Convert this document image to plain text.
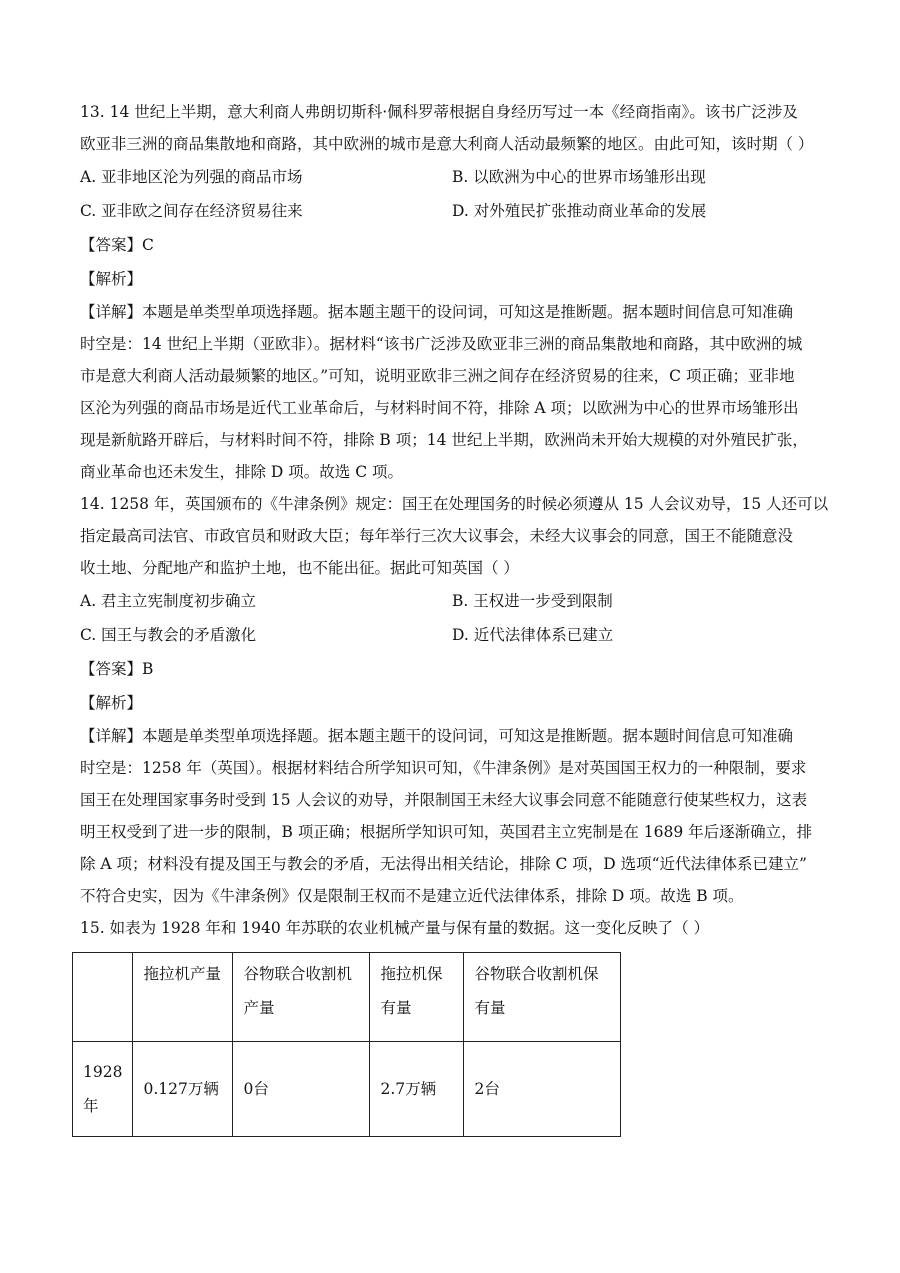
13. 14 世纪上半期，意大利商人弗朗切斯科·佩科罗蒂根据自身经历写过一本《经商指南》。该书广泛涉及
欧亚非三洲的商品集散地和商路，其中欧洲的城市是意大利商人活动最频繁的地区。由此可知，该时期（ ）

A. 亚非地区沦为列强的商品市场	B. 以欧洲为中心的世界市场雏形出现
C. 亚非欧之间存在经济贸易往来	D. 对外殖民扩张推动商业革命的发展
【答案】C
【解析】

【详解】本题是单类型单项选择题。据本题主题干的设问词，可知这是推断题。据本题时间信息可知准确
时空是：14 世纪上半期（亚欧非）。据材料“该书广泛涉及欧亚非三洲的商品集散地和商路，其中欧洲的城
市是意大利商人活动最频繁的地区。”可知，说明亚欧非三洲之间存在经济贸易的往来，C 项正确；亚非地
区沦为列强的商品市场是近代工业革命后，与材料时间不符，排除 A 项；以欧洲为中心的世界市场雏形出
现是新航路开辟后，与材料时间不符，排除 B 项；14 世纪上半期，欧洲尚未开始大规模的对外殖民扩张，
商业革命也还未发生，排除 D 项。故选 C 项。

14. 1258 年，英国颁布的《牛津条例》规定：国王在处理国务的时候必须遵从 15 人会议劝导，15 人还可以
指定最高司法官、市政官员和财政大臣；每年举行三次大议事会，未经大议事会的同意，国王不能随意没
收土地、分配地产和监护土地，也不能出征。据此可知英国（ ）

A. 君主立宪制度初步确立	B. 王权进一步受到限制
C. 国王与教会的矛盾激化	D. 近代法律体系已建立
【答案】B
【解析】

【详解】本题是单类型单项选择题。据本题主题干的设问词，可知这是推断题。据本题时间信息可知准确
时空是：1258 年（英国）。根据材料结合所学知识可知，《牛津条例》是对英国国王权力的一种限制，要求
国王在处理国家事务时受到 15 人会议的劝导，并限制国王未经大议事会同意不能随意行使某些权力，这表
明王权受到了进一步的限制，B 项正确；根据所学知识可知，英国君主立宪制是在 1689 年后逐渐确立，排
除 A 项；材料没有提及国王与教会的矛盾，无法得出相关结论，排除 C 项，D 选项“近代法律体系已建立”
不符合史实，因为《牛津条例》仅是限制王权而不是建立近代法律体系，排除 D 项。故选 B 项。

15. 如表为 1928 年和 1940 年苏联的农业机械产量与保有量的数据。这一变化反映了（ ）

	拖拉机产量	谷物联合收割机产量	拖拉机保有量	谷物联合收割机保有量
1928年	0.127万辆	0台	2.7万辆	2台
